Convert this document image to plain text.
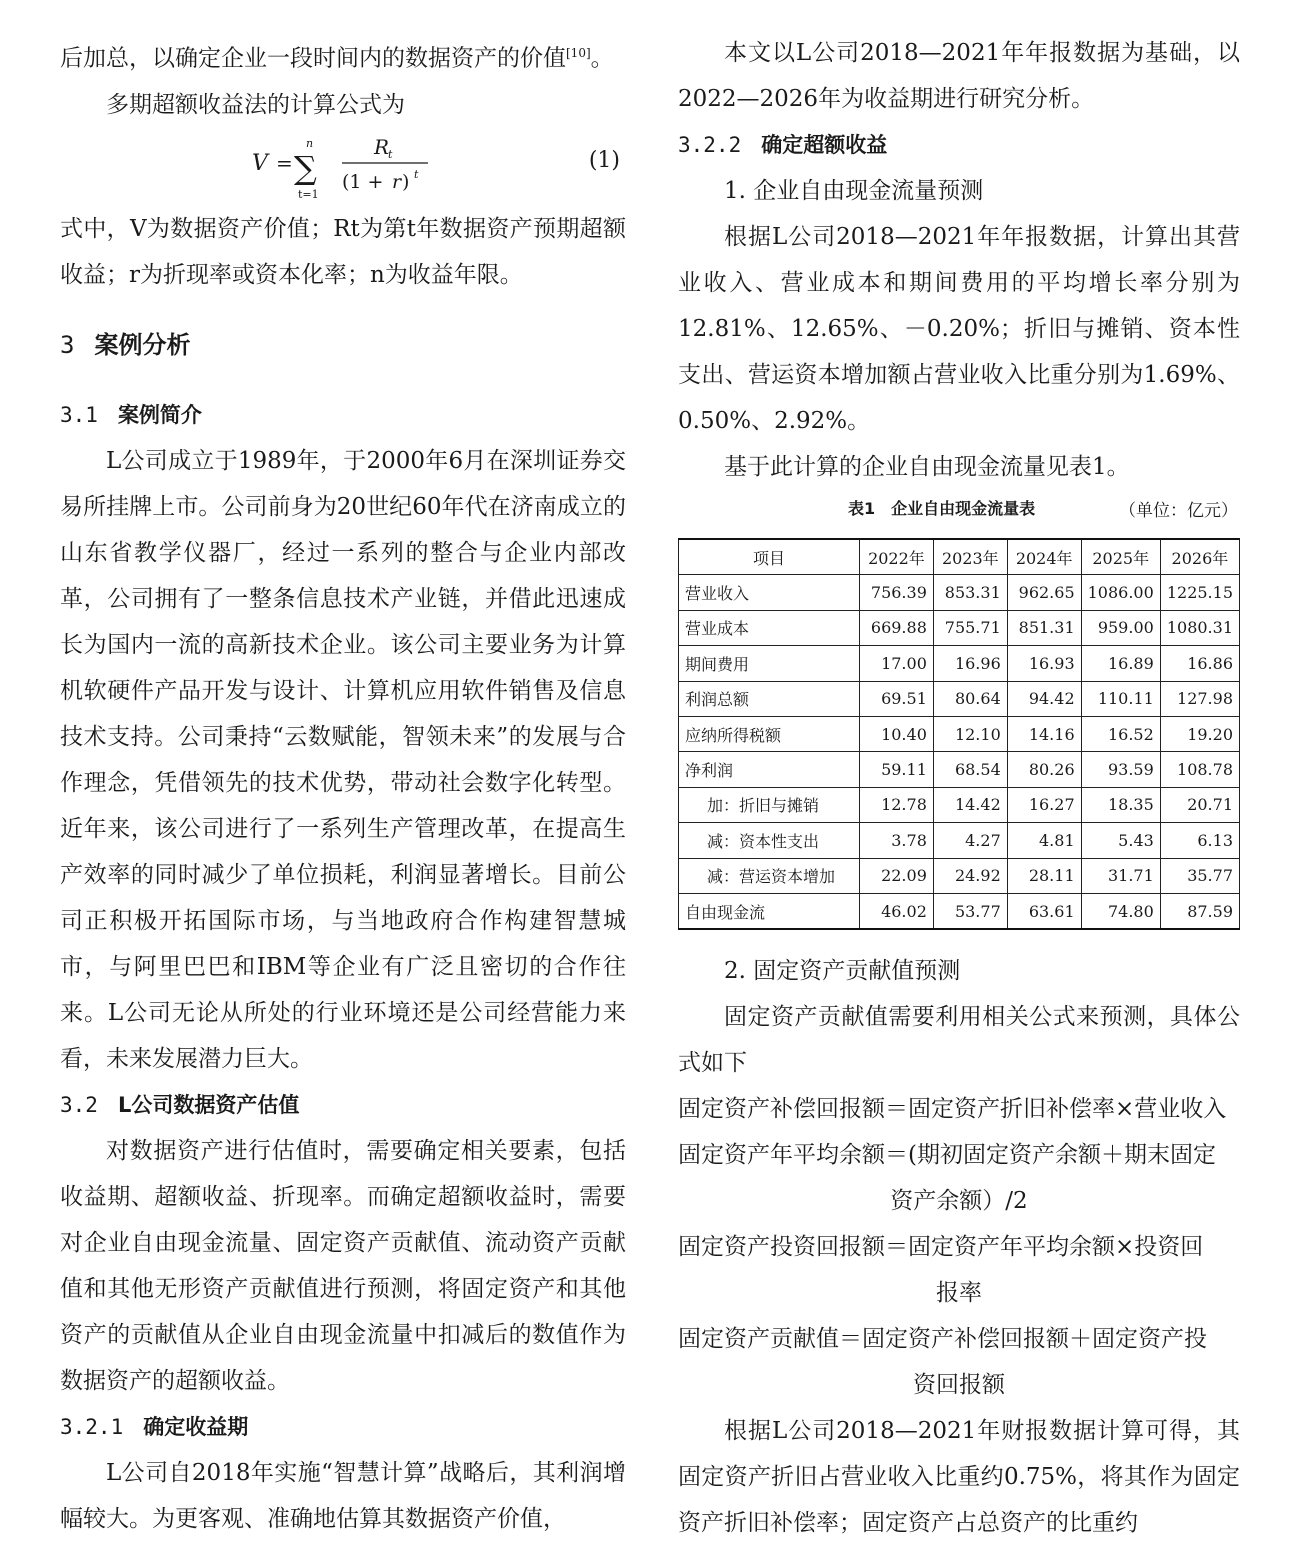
后加总，以确定企业一段时间内的数据资产的价值[10]。

多期超额收益法的计算公式为

V =
n
∑
t=1
R
t
(1 + r ) t
(1)

式中，V为数据资产价值；Rt为第t年数据资产预期超额收益；r为折现率或资本化率；n为收益年限。

3 案例分析

3.1 案例简介

L公司成立于1989年，于2000年6月在深圳证券交易所挂牌上市。公司前身为20世纪60年代在济南成立的山东省教学仪器厂，经过一系列的整合与企业内部改革，公司拥有了一整条信息技术产业链，并借此迅速成长为国内一流的高新技术企业。该公司主要业务为计算机软硬件产品开发与设计、计算机应用软件销售及信息技术支持。公司秉持“云数赋能，智领未来”的发展与合作理念，凭借领先的技术优势，带动社会数字化转型。近年来，该公司进行了一系列生产管理改革，在提高生产效率的同时减少了单位损耗，利润显著增长。目前公司正积极开拓国际市场，与当地政府合作构建智慧城市，与阿里巴巴和IBM等企业有广泛且密切的合作往来。L公司无论从所处的行业环境还是公司经营能力来看，未来发展潜力巨大。

3.2 L公司数据资产估值

对数据资产进行估值时，需要确定相关要素，包括收益期、超额收益、折现率。而确定超额收益时，需要对企业自由现金流量、固定资产贡献值、流动资产贡献值和其他无形资产贡献值进行预测，将固定资产和其他资产的贡献值从企业自由现金流量中扣减后的数值作为数据资产的超额收益。

3.2.1 确定收益期

L公司自2018年实施“智慧计算”战略后，其利润增幅较大。为更客观、准确地估算其数据资产价值，

本文以L公司2018—2021年年报数据为基础，以2022—2026年为收益期进行研究分析。

3.2.2 确定超额收益

1. 企业自由现金流量预测

根据L公司2018—2021年年报数据，计算出其营业收入、营业成本和期间费用的平均增长率分别为12.81%、12.65%、－0.20%；折旧与摊销、资本性支出、营运资本增加额占营业收入比重分别为1.69%、0.50%、2.92%。

基于此计算的企业自由现金流量见表1。

表1　企业自由现金流量表	（单位：亿元）
项目	2022年	2023年	2024年	2025年	2026年
营业收入	756.39	853.31	962.65	1086.00	1225.15
营业成本	669.88	755.71	851.31	959.00	1080.31
期间费用	17.00	16.96	16.93	16.89	16.86
利润总额	69.51	80.64	94.42	110.11	127.98
应纳所得税额	10.40	12.10	14.16	16.52	19.20
净利润	59.11	68.54	80.26	93.59	108.78
加：折旧与摊销	12.78	14.42	16.27	18.35	20.71
减：资本性支出	3.78	4.27	4.81	5.43	6.13
减：营运资本增加	22.09	24.92	28.11	31.71	35.77
自由现金流	46.02	53.77	63.61	74.80	87.59

2. 固定资产贡献值预测

固定资产贡献值需要利用相关公式来预测，具体公式如下

固定资产补偿回报额＝固定资产折旧补偿率×营业收入

固定资产年平均余额＝(期初固定资产余额＋期末固定

资产余额）/2

固定资产投资回报额＝固定资产年平均余额×投资回

报率

固定资产贡献值＝固定资产补偿回报额＋固定资产投

资回报额

根据L公司2018—2021年财报数据计算可得，其固定资产折旧占营业收入比重约0.75%，将其作为固定资产折旧补偿率；固定资产占总资产的比重约
